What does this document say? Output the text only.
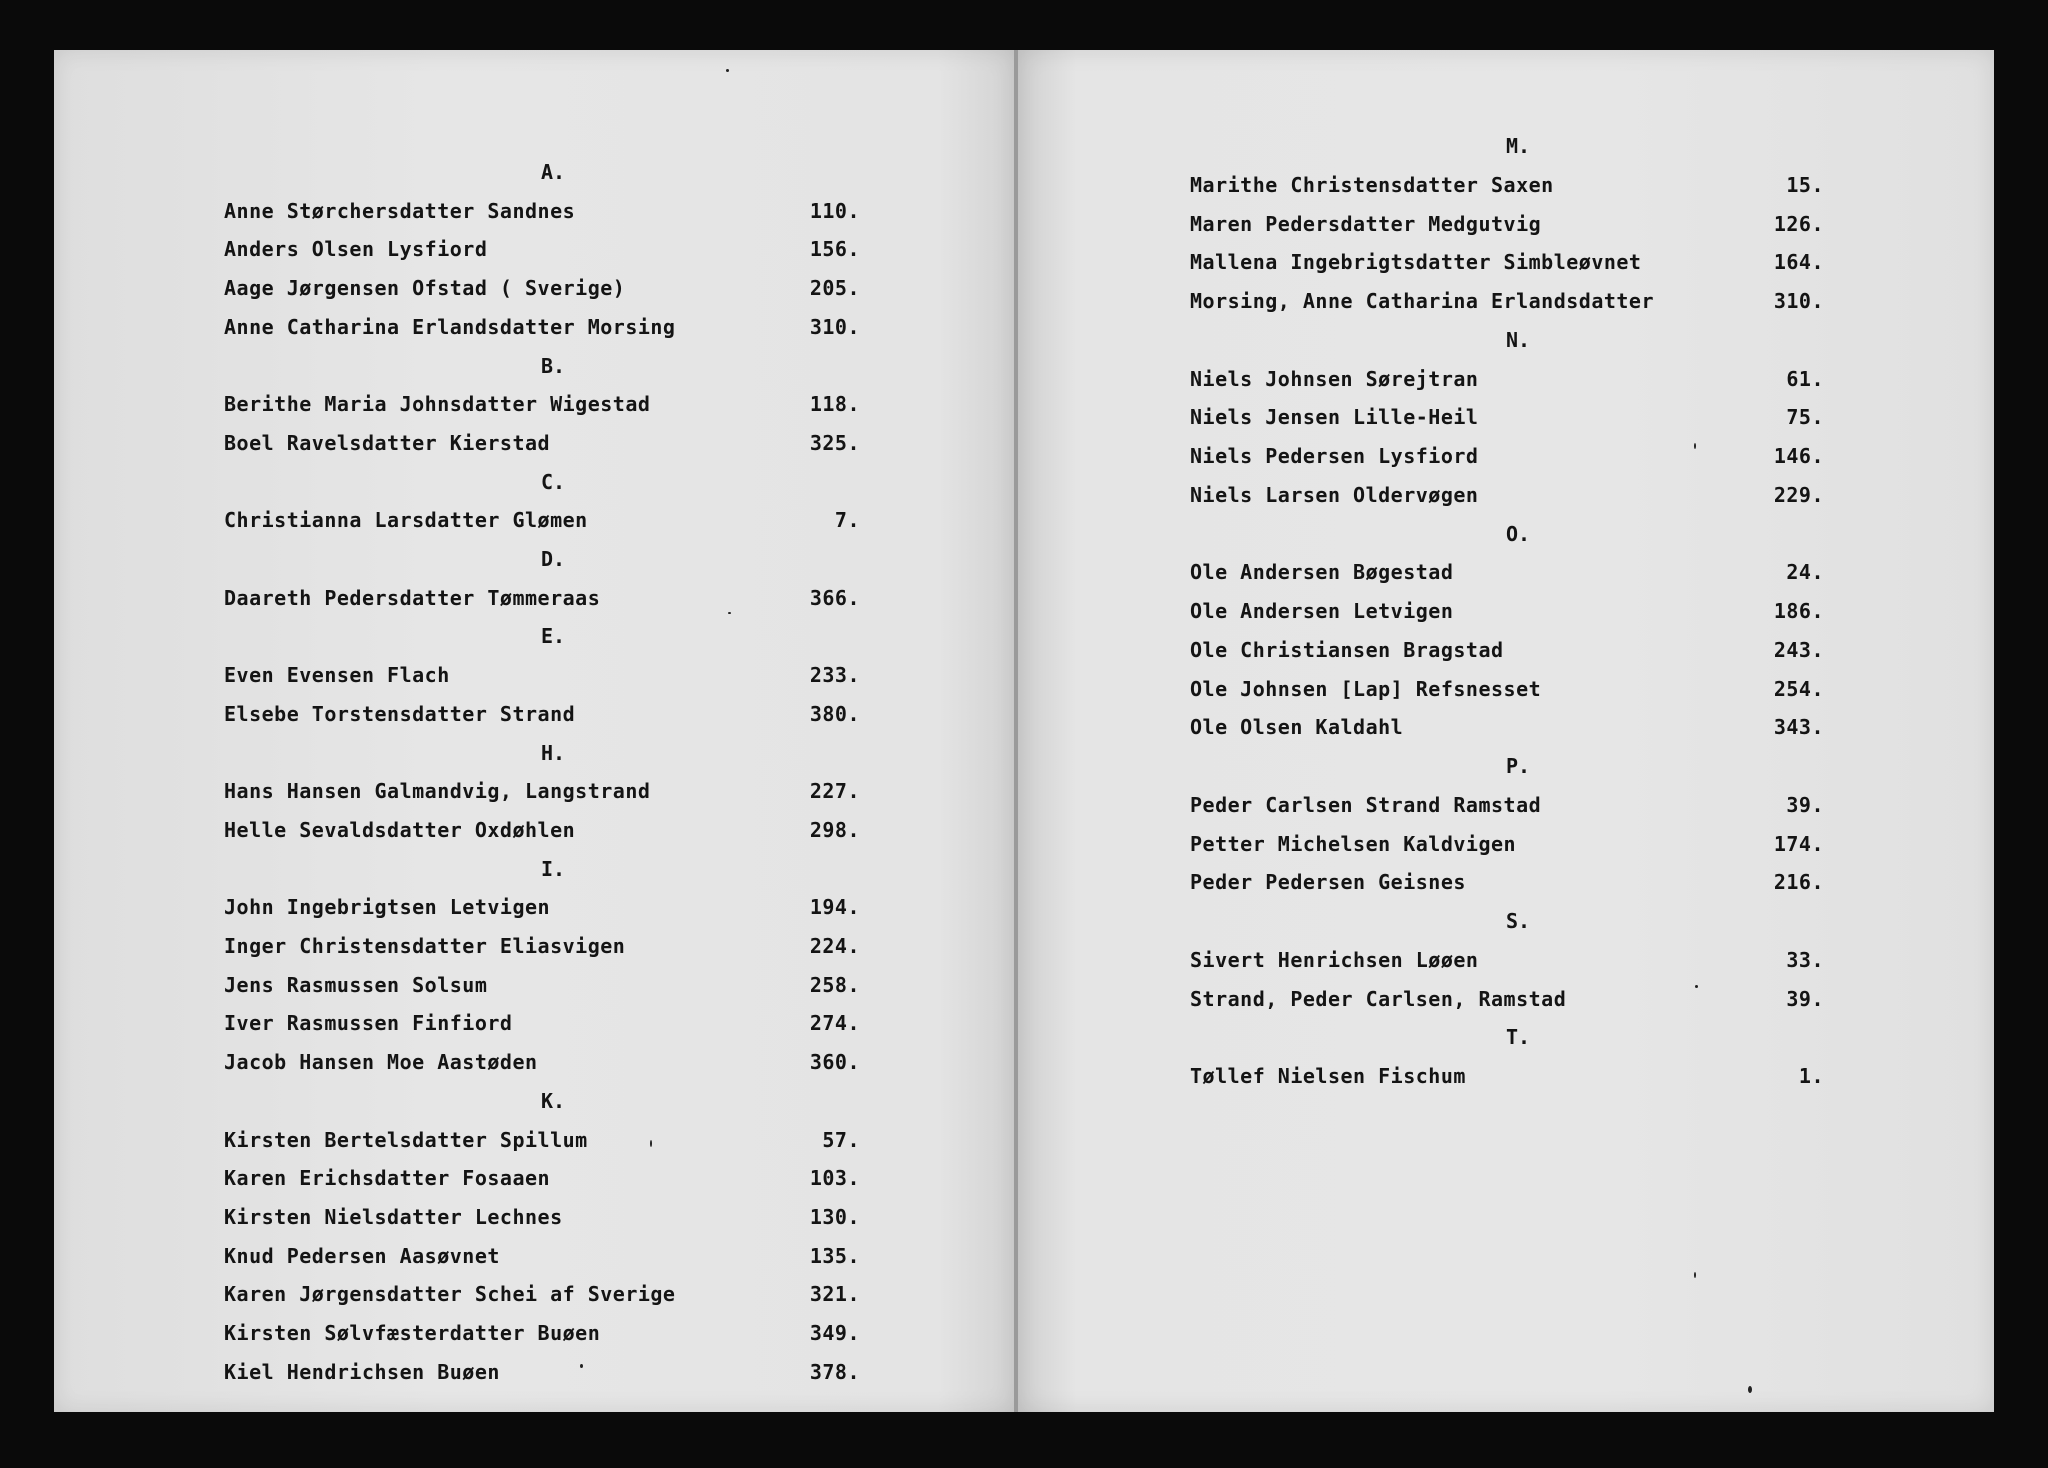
A.
Anne Størchersdatter Sandnes	110.
Anders Olsen Lysfiord	156.
Aage Jørgensen Ofstad ( Sverige)	205.
Anne Catharina Erlandsdatter Morsing	310.
B.
Berithe Maria Johnsdatter Wigestad	118.
Boel Ravelsdatter Kierstad	325.
C.
Christianna Larsdatter Glømen	7.
D.
Daareth Pedersdatter Tømmeraas	366.
E.
Even Evensen Flach	233.
Elsebe Torstensdatter Strand	380.
H.
Hans Hansen Galmandvig, Langstrand	227.
Helle Sevaldsdatter Oxdøhlen	298.
I.
John Ingebrigtsen Letvigen	194.
Inger Christensdatter Eliasvigen	224.
Jens Rasmussen Solsum	258.
Iver Rasmussen Finfiord	274.
Jacob Hansen Moe Aastøden	360.
K.
Kirsten Bertelsdatter Spillum	57.
Karen Erichsdatter Fosaaen	103.
Kirsten Nielsdatter Lechnes	130.
Knud Pedersen Aasøvnet	135.
Karen Jørgensdatter Schei af Sverige	321.
Kirsten Sølvfæsterdatter Buøen	349.
Kiel Hendrichsen Buøen	378.
M.
Marithe Christensdatter Saxen	15.
Maren Pedersdatter Medgutvig	126.
Mallena Ingebrigtsdatter Simbleøvnet	164.
Morsing, Anne Catharina Erlandsdatter	310.
N.
Niels Johnsen Sørejtran	61.
Niels Jensen Lille-Heil	75.
Niels Pedersen Lysfiord	146.
Niels Larsen Oldervøgen	229.
O.
Ole Andersen Bøgestad	24.
Ole Andersen Letvigen	186.
Ole Christiansen Bragstad	243.
Ole Johnsen [Lap] Refsnesset	254.
Ole Olsen Kaldahl	343.
P.
Peder Carlsen Strand Ramstad	39.
Petter Michelsen Kaldvigen	174.
Peder Pedersen Geisnes	216.
S.
Sivert Henrichsen Løøen	33.
Strand, Peder Carlsen, Ramstad	39.
T.
Tøllef Nielsen Fischum	1.
